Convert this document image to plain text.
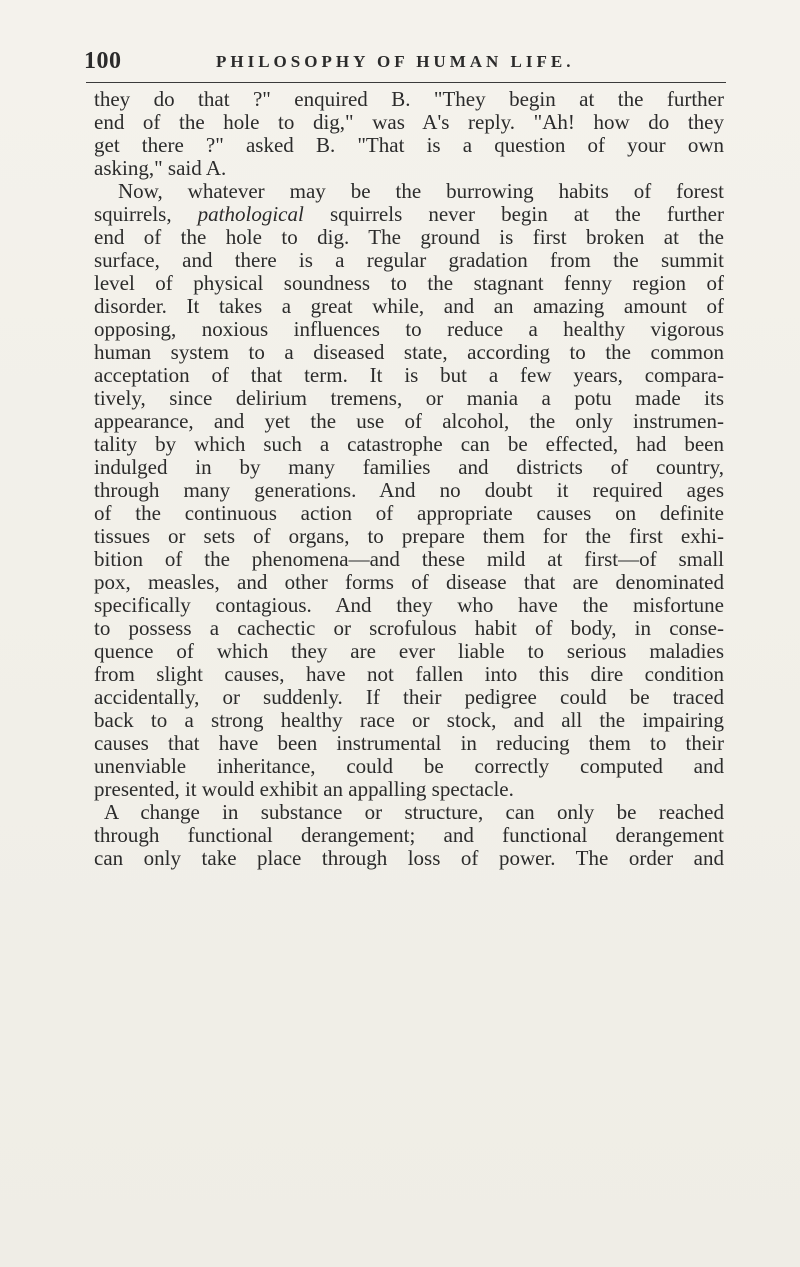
100	PHILOSOPHY OF HUMAN LIFE.
they do that ?" enquired B. "They begin at the further
end of the hole to dig," was A's reply. "Ah! how do they
get there ?" asked B. "That is a question of your own
asking," said A.
Now, whatever may be the burrowing habits of forest
squirrels, pathological squirrels never begin at the further
end of the hole to dig. The ground is first broken at the
surface, and there is a regular gradation from the summit
level of physical soundness to the stagnant fenny region of
disorder. It takes a great while, and an amazing amount of
opposing, noxious influences to reduce a healthy vigorous
human system to a diseased state, according to the common
acceptation of that term. It is but a few years, compara-
tively, since delirium tremens, or mania a potu made its
appearance, and yet the use of alcohol, the only instrumen-
tality by which such a catastrophe can be effected, had been
indulged in by many families and districts of country,
through many generations. And no doubt it required ages
of the continuous action of appropriate causes on definite
tissues or sets of organs, to prepare them for the first exhi-
bition of the phenomena—and these mild at first—of small
pox, measles, and other forms of disease that are denominated
specifically contagious. And they who have the misfortune
to possess a cachectic or scrofulous habit of body, in conse-
quence of which they are ever liable to serious maladies
from slight causes, have not fallen into this dire condition
accidentally, or suddenly. If their pedigree could be traced
back to a strong healthy race or stock, and all the impairing
causes that have been instrumental in reducing them to their
unenviable inheritance, could be correctly computed and
presented, it would exhibit an appalling spectacle.
A change in substance or structure, can only be reached
through functional derangement; and functional derangement
can only take place through loss of power. The order and
